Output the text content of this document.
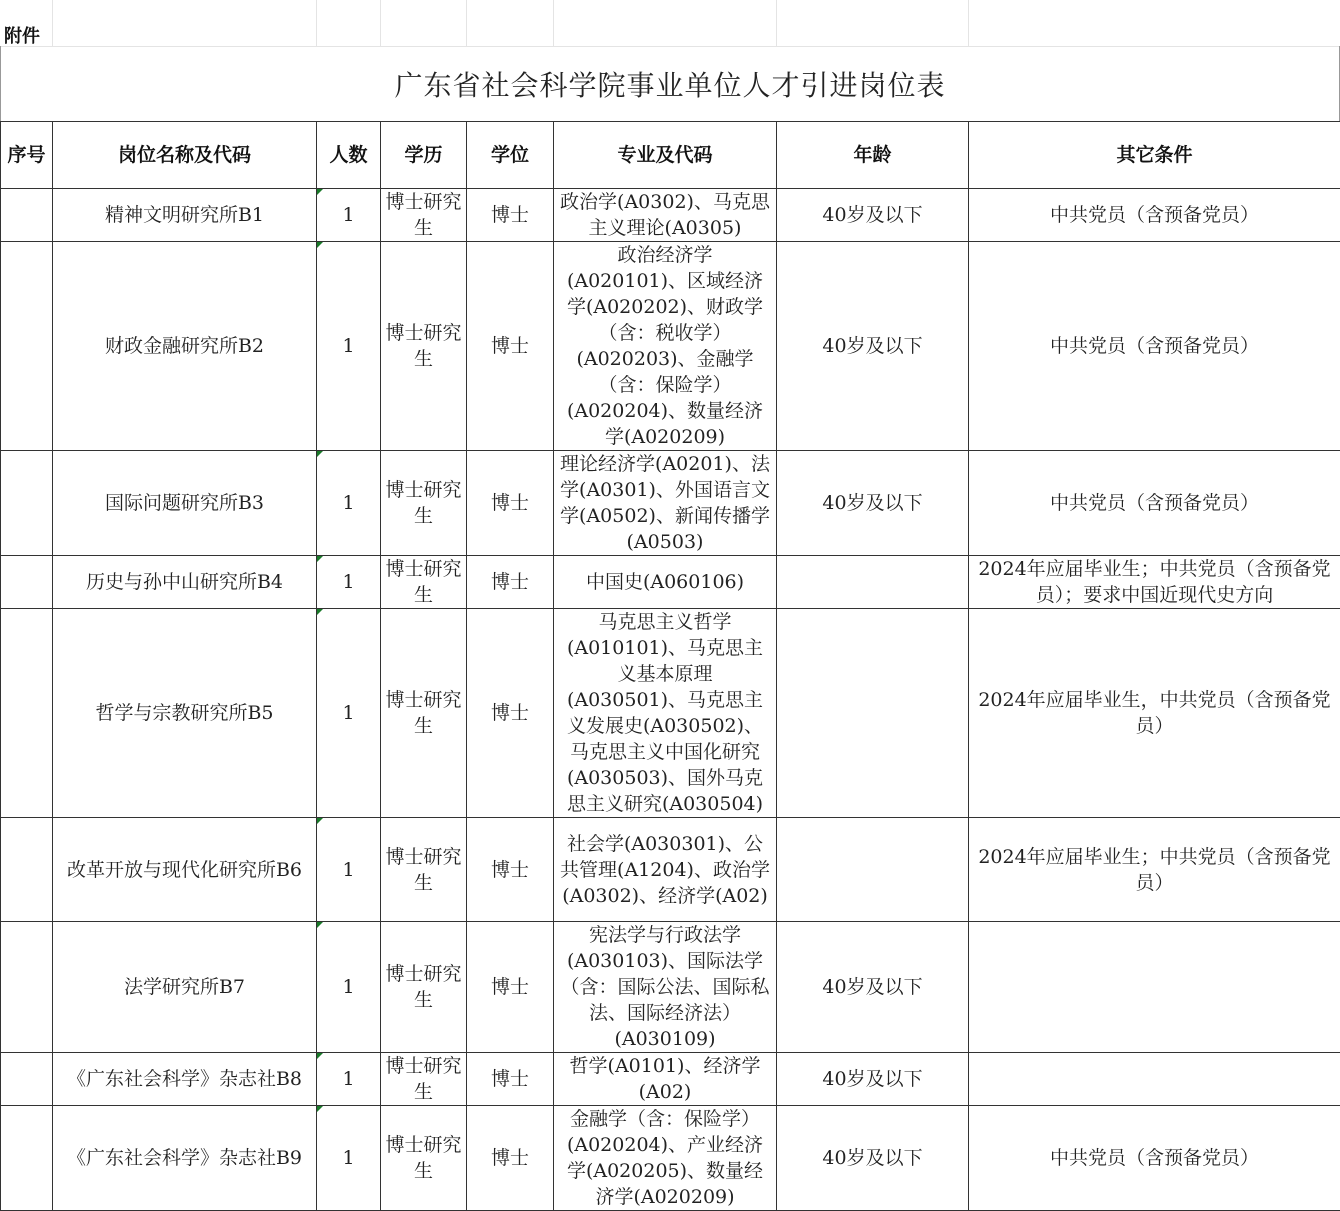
附件
广东省社会科学院事业单位人才引进岗位表
序号	岗位名称及代码	人数	学历	学位	专业及代码	年龄	其它条件
	精神文明研究所B1	1	博士研究生	博士	政治学(A0302)、马克思主义理论(A0305)	40岁及以下	中共党员（含预备党员）
	财政金融研究所B2	1	博士研究生	博士	政治经济学(A020101)、区域经济学(A020202)、财政学（含：税收学）(A020203)、金融学（含：保险学）(A020204)、数量经济学(A020209)	40岁及以下	中共党员（含预备党员）
	国际问题研究所B3	1	博士研究生	博士	理论经济学(A0201)、法学(A0301)、外国语言文学(A0502)、新闻传播学(A0503)	40岁及以下	中共党员（含预备党员）
	历史与孙中山研究所B4	1	博士研究生	博士	中国史(A060106)		2024年应届毕业生；中共党员（含预备党员）；要求中国近现代史方向
	哲学与宗教研究所B5	1	博士研究生	博士	马克思主义哲学(A010101)、马克思主义基本原理(A030501)、马克思主义发展史(A030502)、马克思主义中国化研究(A030503)、国外马克思主义研究(A030504)		2024年应届毕业生，中共党员（含预备党员）
	改革开放与现代化研究所B6	1	博士研究生	博士	社会学(A030301)、公共管理(A1204)、政治学(A0302)、经济学(A02)		2024年应届毕业生；中共党员（含预备党员）
	法学研究所B7	1	博士研究生	博士	宪法学与行政法学(A030103)、国际法学（含：国际公法、国际私法、国际经济法）(A030109)	40岁及以下	
	《广东社会科学》杂志社B8	1	博士研究生	博士	哲学(A0101)、经济学(A02)	40岁及以下	
	《广东社会科学》杂志社B9	1	博士研究生	博士	金融学（含：保险学）(A020204)、产业经济学(A020205)、数量经济学(A020209)	40岁及以下	中共党员（含预备党员）
